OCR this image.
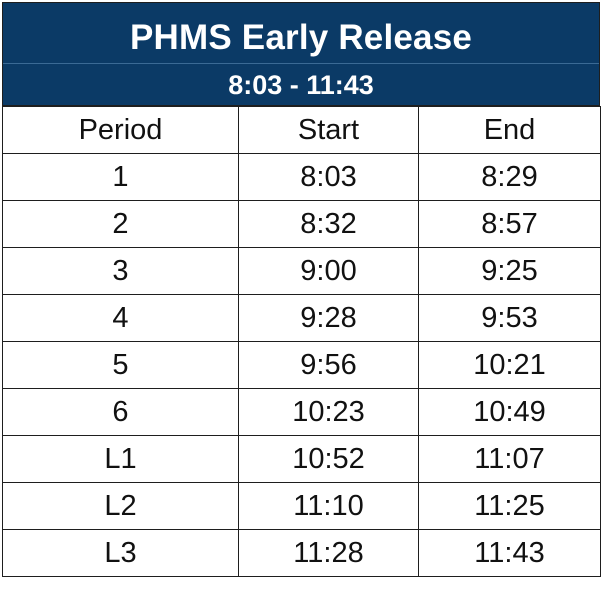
PHMS Early Release
8:03 - 11:43
Period	Start	End
1	8:03	8:29
2	8:32	8:57
3	9:00	9:25
4	9:28	9:53
5	9:56	10:21
6	10:23	10:49
L1	10:52	11:07
L2	11:10	11:25
L3	11:28	11:43
